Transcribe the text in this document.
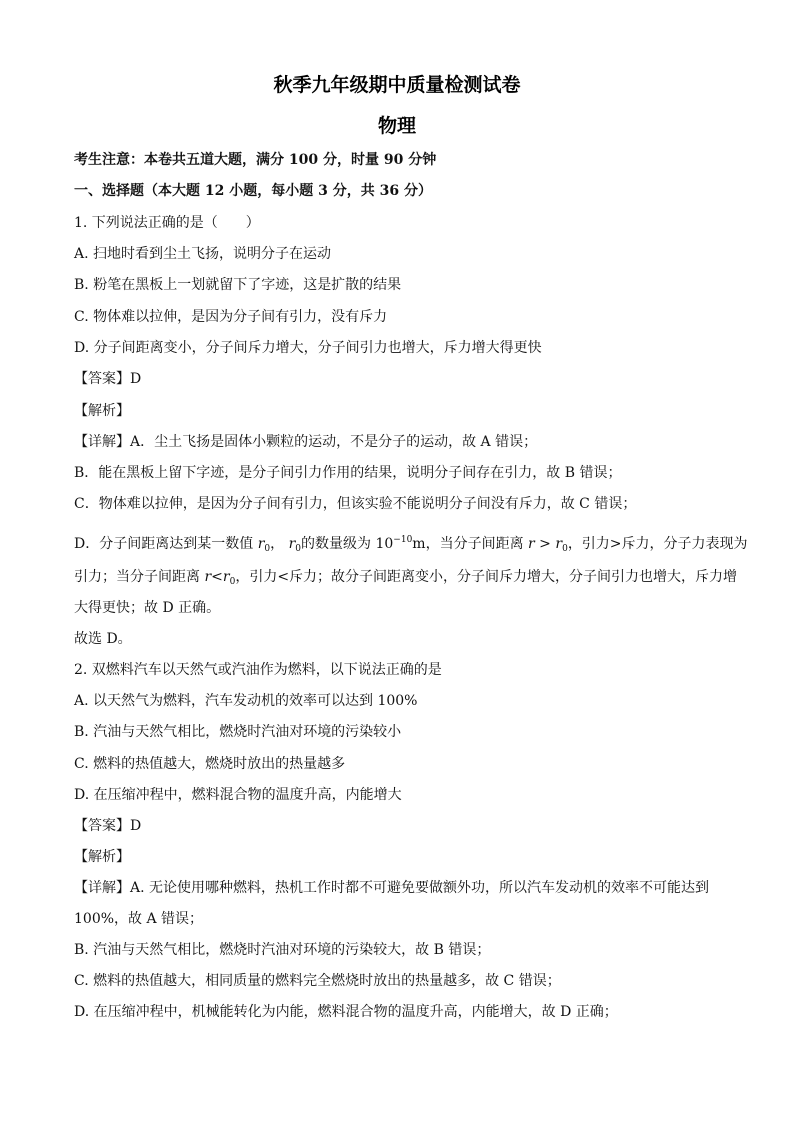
秋季九年级期中质量检测试卷
物理
考生注意：本卷共五道大题，满分 100 分，时量 90 分钟
一、选择题（本大题 12 小题，每小题 3 分，共 36 分）
1. 下列说法正确的是（　　）
A. 扫地时看到尘土飞扬，说明分子在运动
B. 粉笔在黑板上一划就留下了字迹，这是扩散的结果
C. 物体难以拉伸，是因为分子间有引力，没有斥力
D. 分子间距离变小，分子间斥力增大，分子间引力也增大，斥力增大得更快
【答案】D
【解析】
【详解】A．尘土飞扬是固体小颗粒的运动，不是分子的运动，故 A 错误；
B．能在黑板上留下字迹，是分子间引力作用的结果，说明分子间存在引力，故 B 错误；
C．物体难以拉伸，是因为分子间有引力，但该实验不能说明分子间没有斥力，故 C 错误；
D．分子间距离达到某一数值 $r_0$， $r_0$的数量级为 $10^{-10}m$，当分子间距离 $r > r_0$，引力>斥力，分子力表现为
引力；当分子间距离 $r<r_0$，引力<斥力；故分子间距离变小，分子间斥力增大，分子间引力也增大，斥力增
大得更快；故 D 正确。
故选 D。
2. 双燃料汽车以天然气或汽油作为燃料，以下说法正确的是
A. 以天然气为燃料，汽车发动机的效率可以达到 100%
B. 汽油与天然气相比，燃烧时汽油对环境的污染较小
C. 燃料的热值越大，燃烧时放出的热量越多
D. 在压缩冲程中，燃料混合物的温度升高，内能增大
【答案】D
【解析】
【详解】A. 无论使用哪种燃料，热机工作时都不可避免要做额外功，所以汽车发动机的效率不可能达到
100%，故 A 错误；
B. 汽油与天然气相比，燃烧时汽油对环境的污染较大，故 B 错误；
C. 燃料的热值越大，相同质量的燃料完全燃烧时放出的热量越多，故 C 错误；
D. 在压缩冲程中，机械能转化为内能，燃料混合物的温度升高，内能增大，故 D 正确；
